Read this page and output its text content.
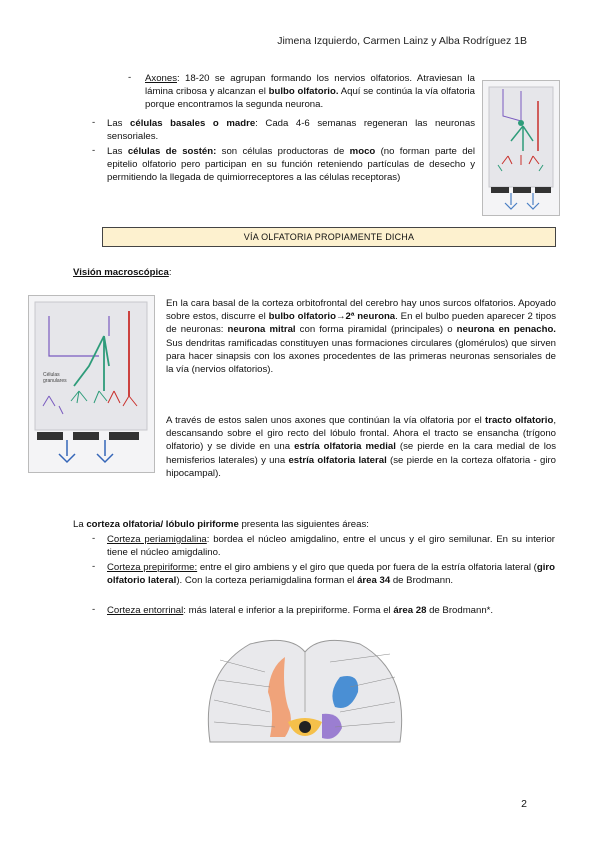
Jimena Izquierdo, Carmen Lainz y Alba Rodríguez 1B
- Axones: 18-20 se agrupan formando los nervios olfatorios. Atraviesan la lámina cribosa y alcanzan el bulbo olfatorio. Aquí se continúa la vía olfatoria porque encontramos la segunda neurona.
- Las células basales o madre: Cada 4-6 semanas regeneran las neuronas sensoriales.
- Las células de sostén: son células productoras de moco (no forman parte del epitelio olfatorio pero participan en su función reteniendo partículas de desecho y permitiendo la llegada de quimiorreceptores a las células receptoras)
VÍA OLFATORIA PROPIAMENTE DICHA
Visión macroscópica:
Células
granulares
En la cara basal de la corteza orbitofrontal del cerebro hay unos surcos olfatorios. Apoyado sobre estos, discurre el bulbo olfatorio→2ª neurona. En el bulbo pueden aparecer 2 tipos de neuronas: neurona mitral con forma piramidal (principales) o neurona en penacho. Sus dendritas ramificadas constituyen unas formaciones circulares (glomérulos) que sirven para hacer sinapsis con los axones procedentes de las primeras neuronas sensoriales de la vía (nervios olfatorios).
A través de estos salen unos axones que continúan la vía olfatoria por el tracto olfatorio, descansando sobre el giro recto del lóbulo frontal. Ahora el tracto se ensancha (trígono olfatorio) y se divide en una estría olfatoria medial (se pierde en la cara medial de los hemisferios laterales) y una estría olfatoria lateral (se pierde en la corteza olfatoria - giro hipocampal).
La corteza olfatoria/ lóbulo piriforme presenta las siguientes áreas:
- Corteza periamigdalina: bordea el núcleo amigdalino, entre el uncus y el giro semilunar. En su interior tiene el núcleo amigdalino.
- Corteza prepiriforme: entre el giro ambiens y el giro que queda por fuera de la estría olfatoria lateral (giro olfatorio lateral). Con la corteza periamigdalina forman el área 34 de Brodmann.
- Corteza entorrinal: más lateral e inferior a la prepiriforme. Forma el área 28 de Brodmann*.
2
